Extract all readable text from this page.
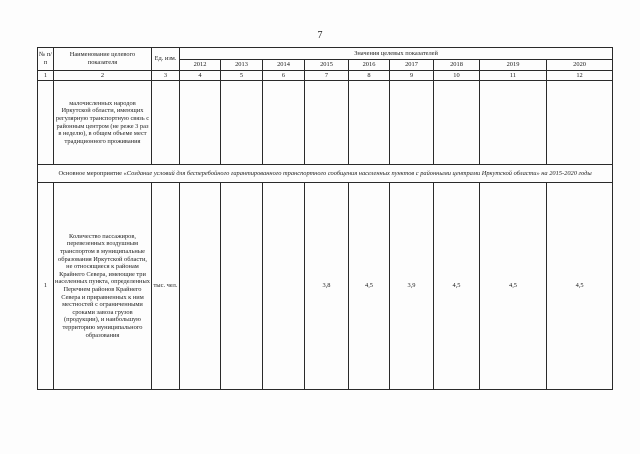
7
№ п/п	Наименование целевого показателя	Ед. изм.	Значения целевых показателей								
			2012	2013	2014	2015	2016	2017	2018	2019	2020
1	2	3	4	5	6	7	8	9	10	11	12
	малочисленных народов Иркутской области, имеющих регулярную транспортную связь с районным центром (не реже 3 раз в неделю), в общем объеме мест традиционного проживания										
Основное мероприятие «Создание условий для бесперебойного гарантированного транспортного сообщения населенных пунктов с районными центрами Иркутской области» на 2015-2020 годы											
1	Количество пассажиров, перевезенных воздушным транспортом в муниципальные образования Иркутской области, не относящиеся к районам Крайнего Севера, имеющие три населенных пункта, определенных Перечнем районов Крайнего Севера и приравненных к ним местностей с ограниченными сроками завоза грузов (продукции), и наибольшую территорию муниципального образования	тыс. чел.				3,8	4,5	3,9	4,5	4,5	4,5
